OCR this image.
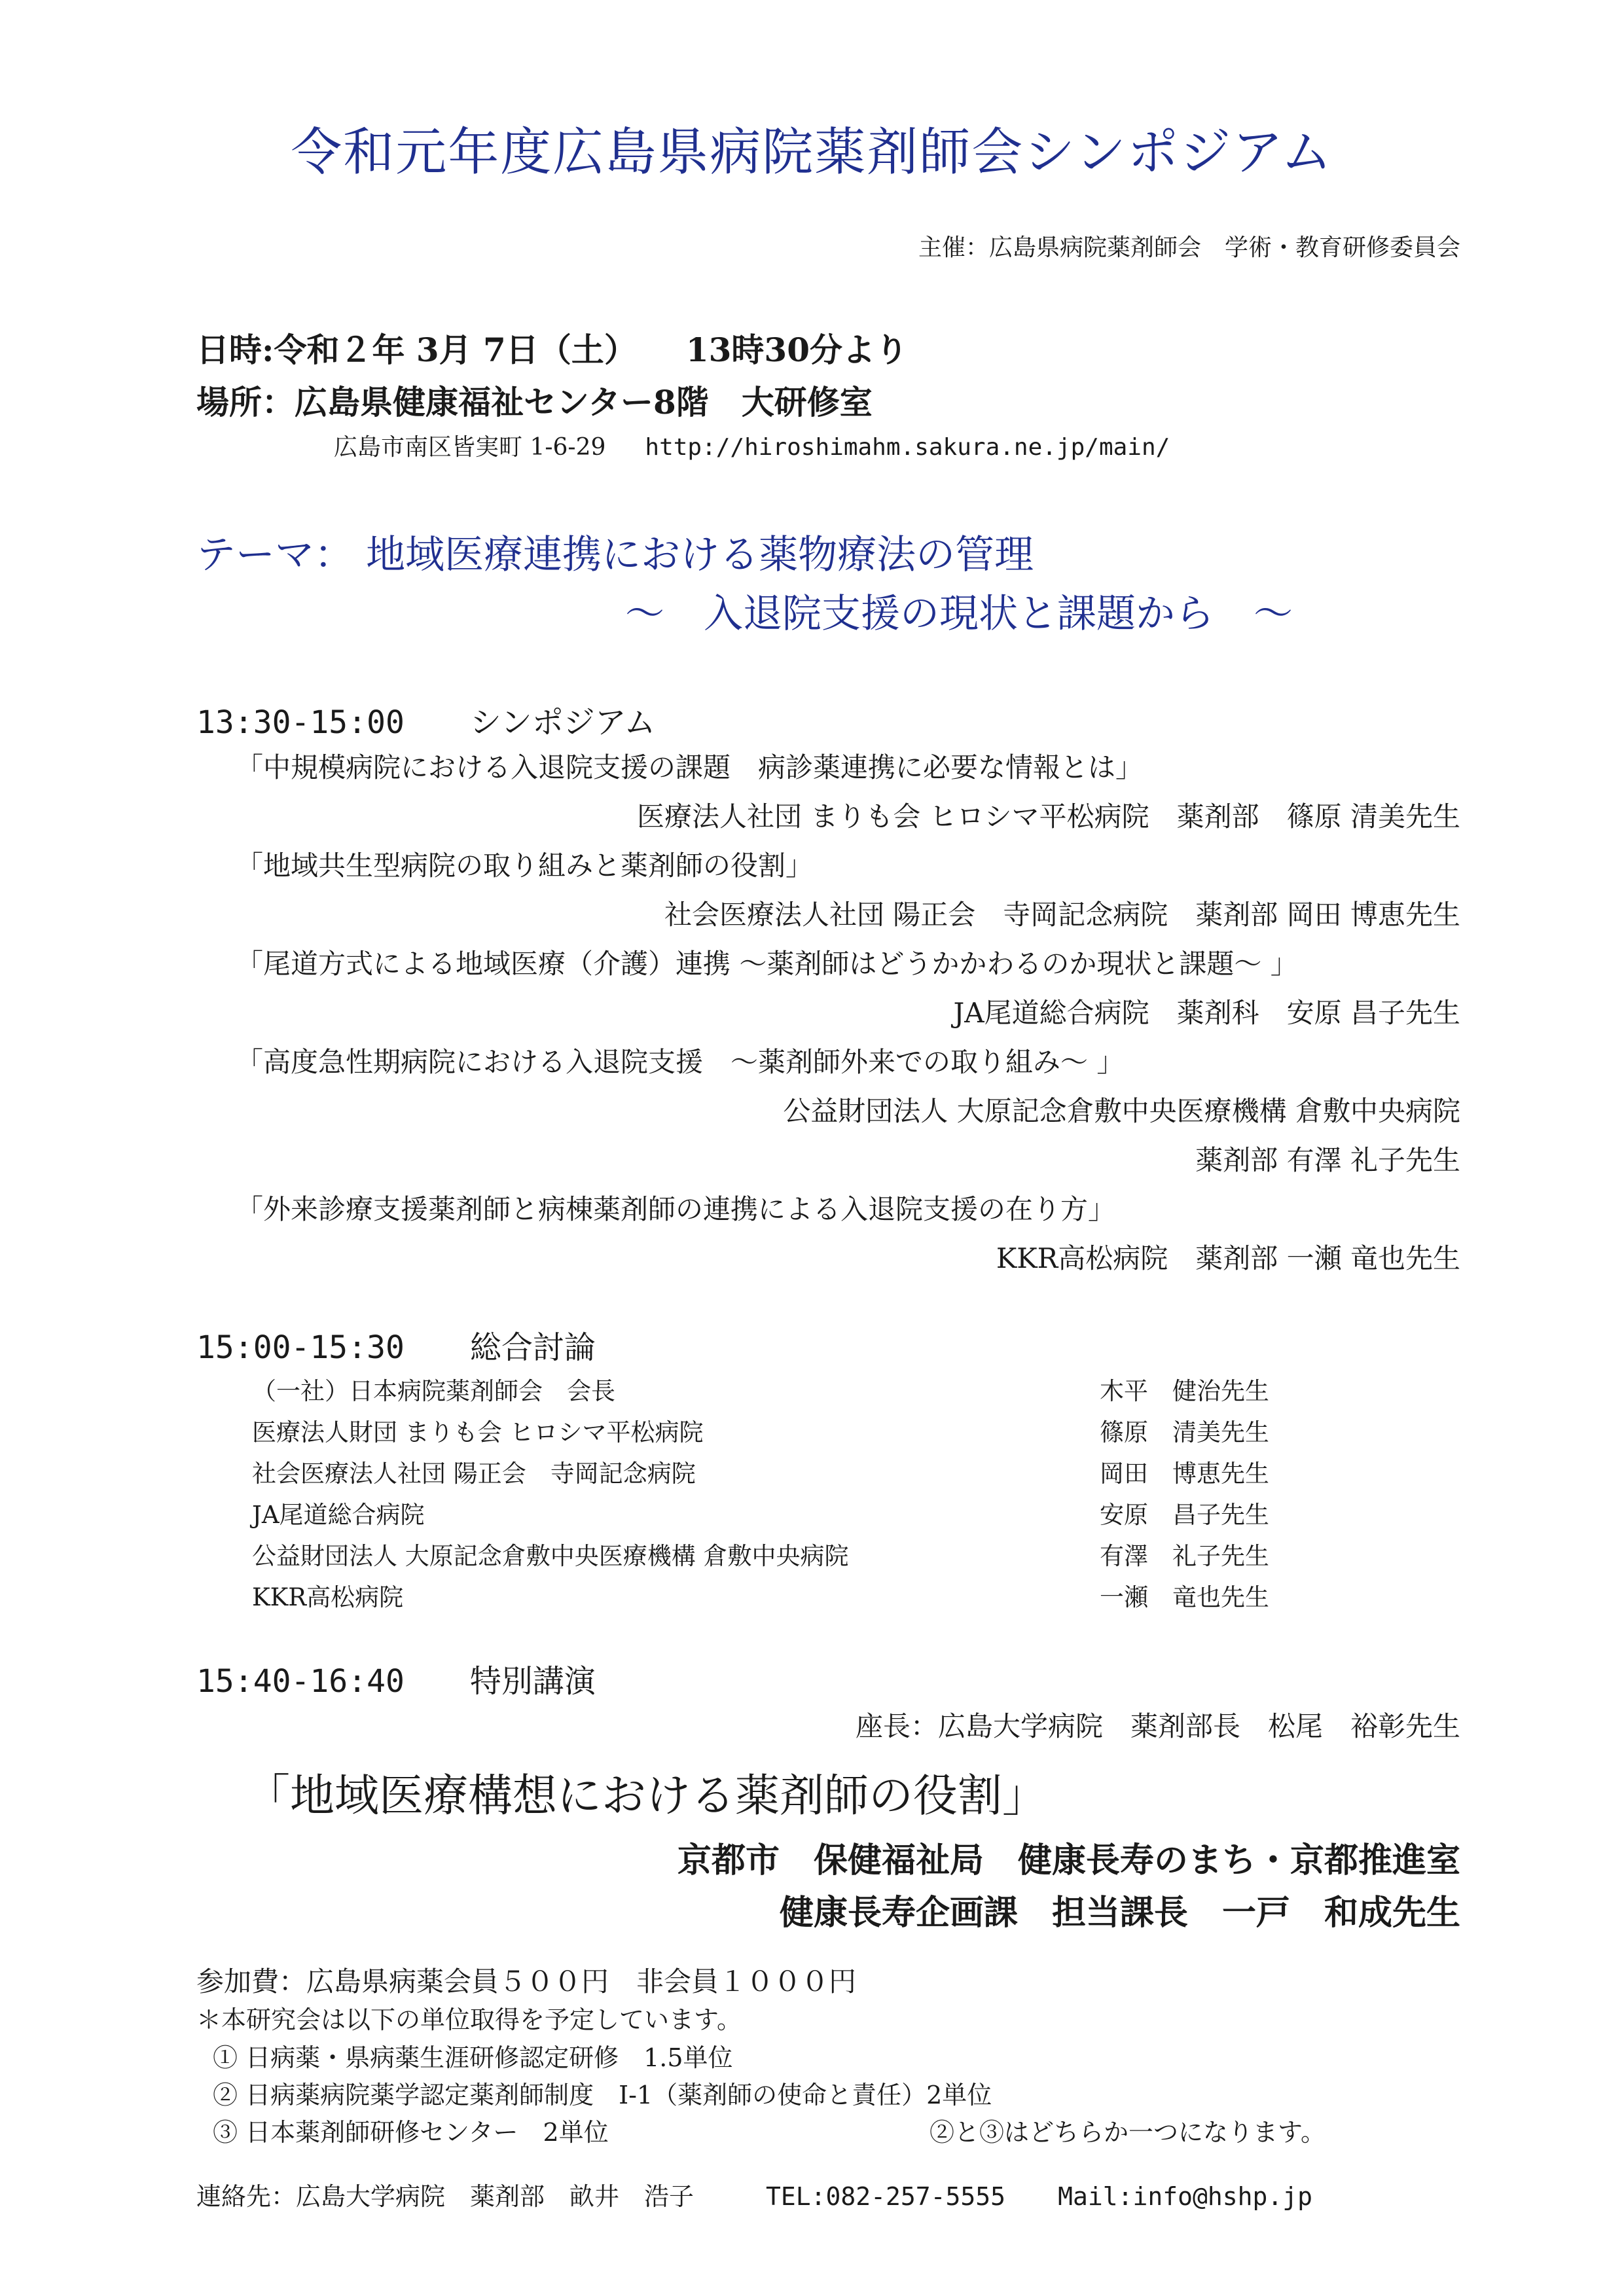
令和元年度広島県病院薬剤師会シンポジアム
主催：広島県病院薬剤師会　学術・教育研修委員会
日時:令和２年 3月 7日（土）　　13時30分より
場所：広島県健康福祉センター8階　大研修室
広島市南区皆実町 1-6-29 http://hiroshimahm.sakura.ne.jp/main/
テーマ： 地域医療連携における薬物療法の管理
～　入退院支援の現状と課題から　～
13:30-15:00 シンポジアム
「中規模病院における入退院支援の課題　病診薬連携に必要な情報とは」
医療法人社団 まりも会 ヒロシマ平松病院　薬剤部　篠原 清美先生
「地域共生型病院の取り組みと薬剤師の役割」
社会医療法人社団 陽正会　寺岡記念病院　薬剤部 岡田 博恵先生
「尾道方式による地域医療（介護）連携 ～薬剤師はどうかかわるのか現状と課題～ 」
JA尾道総合病院　薬剤科　安原 昌子先生
「高度急性期病院における入退院支援　～薬剤師外来での取り組み～ 」
公益財団法人 大原記念倉敷中央医療機構 倉敷中央病院
薬剤部 有澤 礼子先生
「外来診療支援薬剤師と病棟薬剤師の連携による入退院支援の在り方」
KKR高松病院　薬剤部 一瀬 竜也先生
15:00-15:30 総合討論
（一社）日本病院薬剤師会　会長	木平　健治先生
医療法人財団 まりも会 ヒロシマ平松病院	篠原　清美先生
社会医療法人社団 陽正会　寺岡記念病院	岡田　博恵先生
JA尾道総合病院	安原　昌子先生
公益財団法人 大原記念倉敷中央医療機構 倉敷中央病院	有澤　礼子先生
KKR高松病院	一瀬　竜也先生
15:40-16:40 特別講演
座長：広島大学病院　薬剤部長　松尾　裕彰先生
「地域医療構想における薬剤師の役割」
京都市　保健福祉局　健康長寿のまち・京都推進室
健康長寿企画課　担当課長　一戸　和成先生
参加費：広島県病薬会員５００円　非会員１０００円
＊本研究会は以下の単位取得を予定しています。
① 日病薬・県病薬生涯研修認定研修　1.5単位
② 日病薬病院薬学認定薬剤師制度　Ⅰ-1（薬剤師の使命と責任）2単位
③ 日本薬剤師研修センター　2単位	②と③はどちらか一つになります。
連絡先：広島大学病院　薬剤部　畝井　浩子	TEL:082-257-5555 Mail:info@hshp.jp
